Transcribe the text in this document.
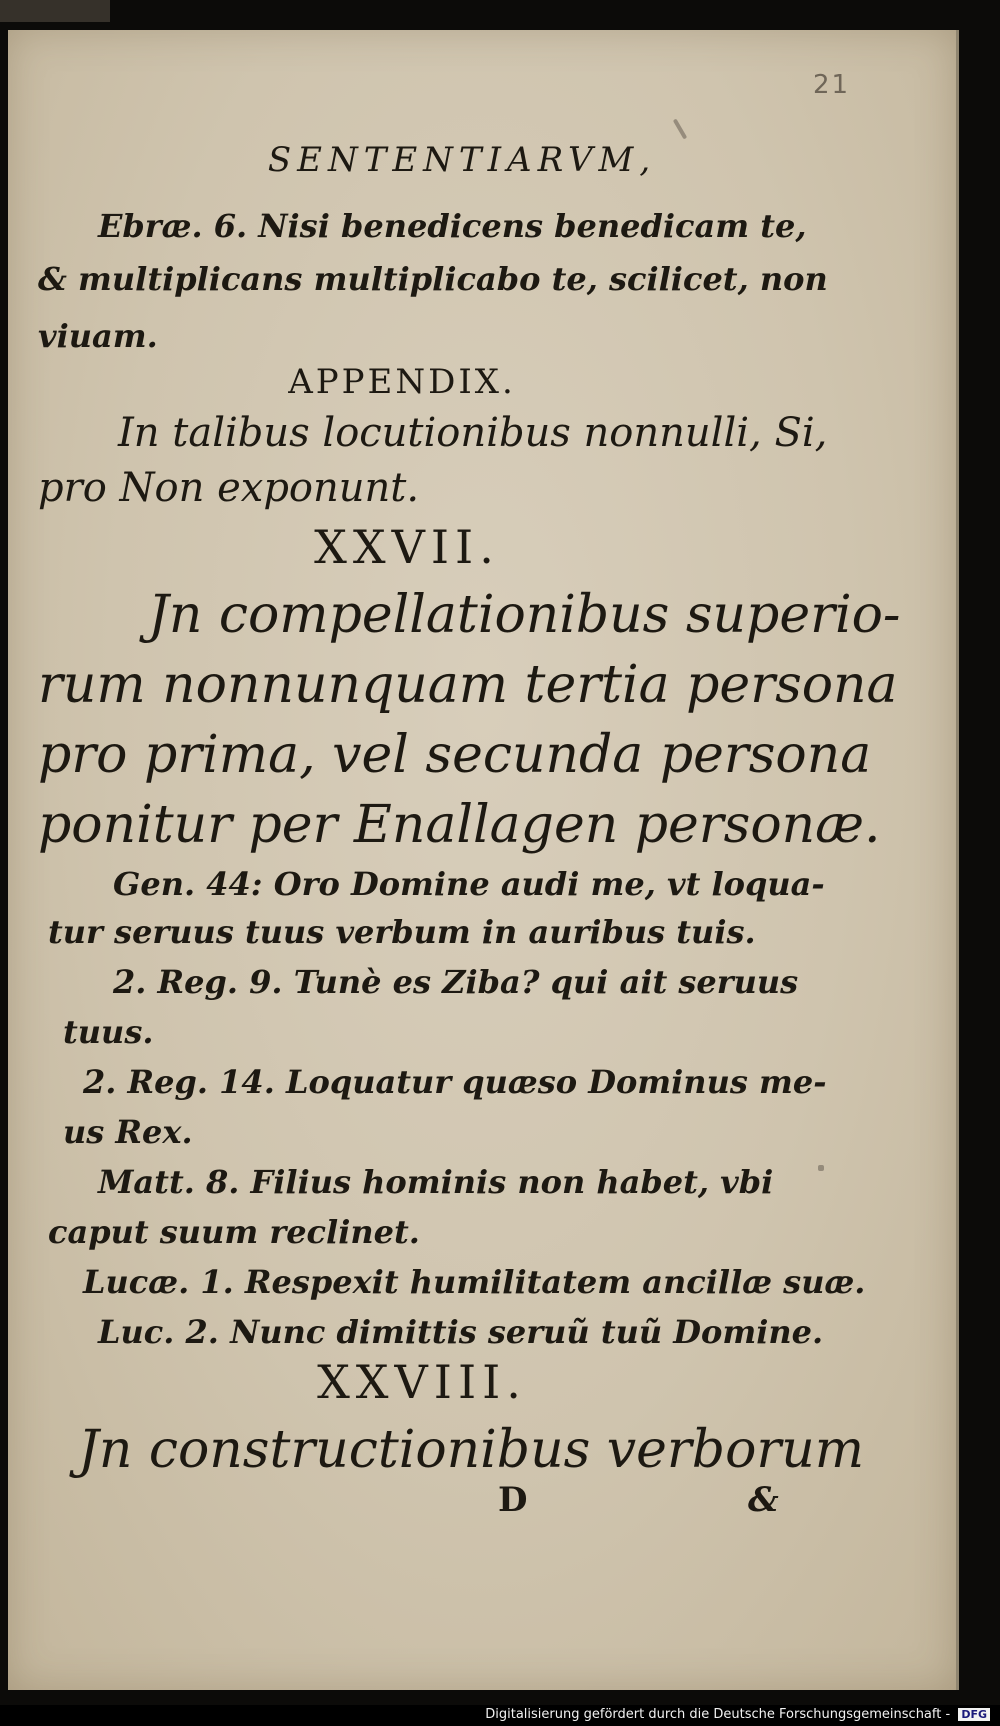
21
SENTENTIARVM,
Ebræ. 6. Nisi benedicens benedicam te,
& multiplicans multiplicabo te, scilicet, non
viuam.
APPENDIX.
In talibus locutionibus nonnulli, Si,
pro Non exponunt.
XXVII.
Jn compellationibus superio-
rum nonnunquam tertia persona
pro prima, vel secunda persona
ponitur per Enallagen personæ.
Gen. 44: Oro Domine audi me, vt loqua-
tur seruus tuus verbum in auribus tuis.
2. Reg. 9. Tunè es Ziba? qui ait seruus
tuus.
2. Reg. 14. Loquatur quæso Dominus me-
us Rex.
Matt. 8. Filius hominis non habet, vbi
caput suum reclinet.
Lucæ. 1. Respexit humilitatem ancillæ suæ.
Luc. 2. Nunc dimittis seruũ tuũ Domine.
XXVIII.
Jn constructionibus verborum
D	&
Digitalisierung gefördert durch die Deutsche Forschungsgemeinschaft - DFG
